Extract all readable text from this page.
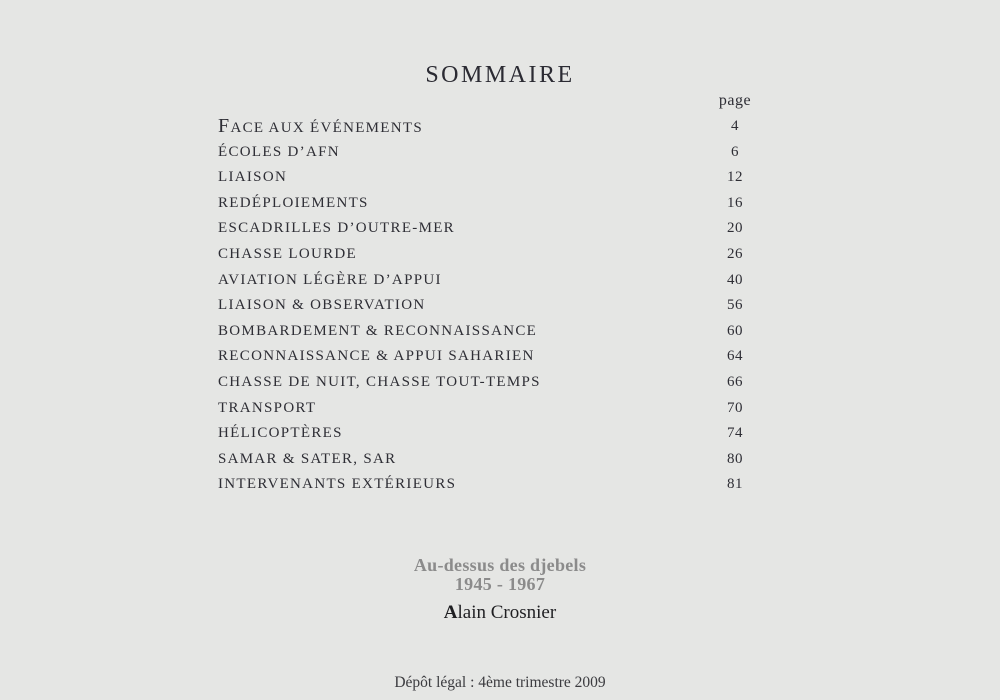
SOMMAIRE
page
FACE AUX ÉVÉNEMENTS	4
ÉCOLES D’AFN	6
LIAISON	12
REDÉPLOIEMENTS	16
ESCADRILLES D’OUTRE-MER	20
CHASSE LOURDE	26
AVIATION LÉGÈRE D’APPUI	40
LIAISON & OBSERVATION	56
BOMBARDEMENT & RECONNAISSANCE	60
RECONNAISSANCE & APPUI SAHARIEN	64
CHASSE DE NUIT, CHASSE TOUT-TEMPS	66
TRANSPORT	70
HÉLICOPTÈRES	74
SAMAR & SATER, SAR	80
INTERVENANTS EXTÉRIEURS	81
Au-dessus des djebels
1945 - 1967
Alain Crosnier
Dépôt légal : 4ème trimestre 2009
